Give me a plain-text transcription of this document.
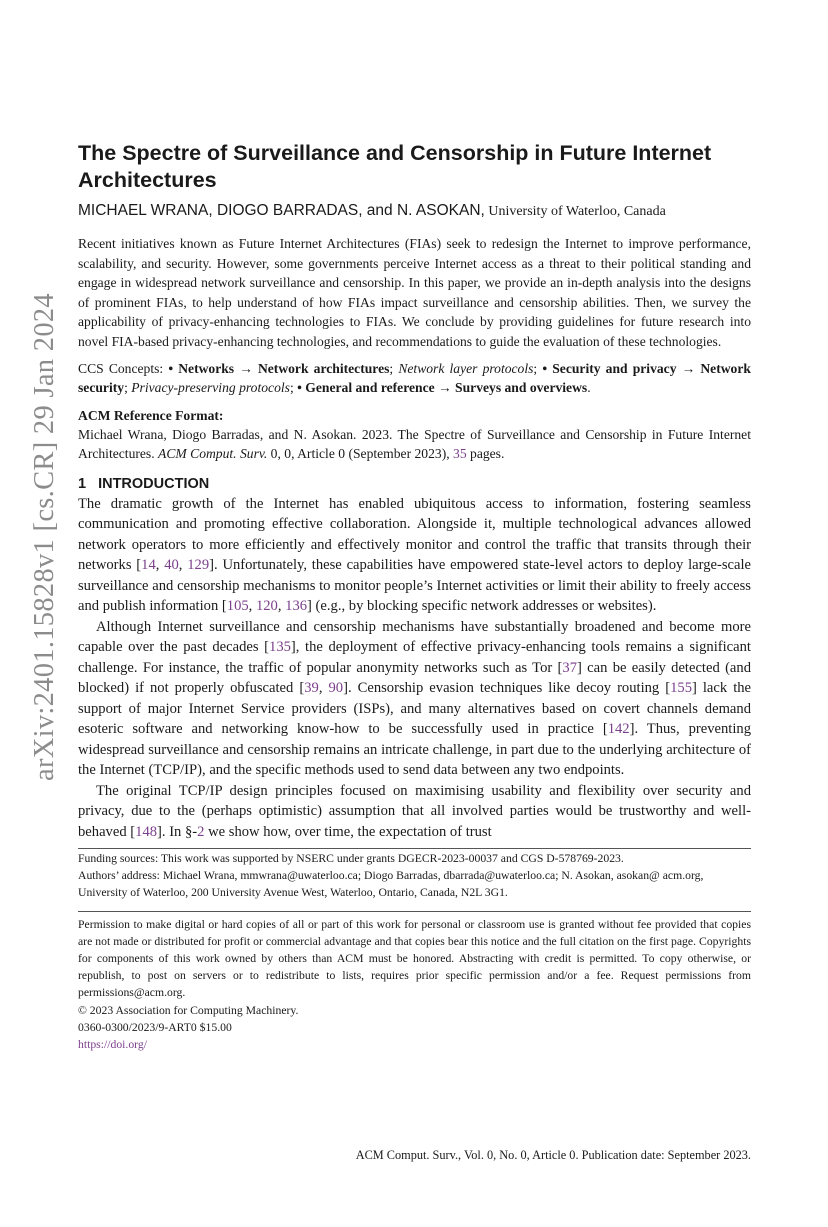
arXiv:2401.15828v1 [cs.CR] 29 Jan 2024
The Spectre of Surveillance and Censorship in Future Internet Architectures
MICHAEL WRANA, DIOGO BARRADAS, and N. ASOKAN, University of Waterloo, Canada
Recent initiatives known as Future Internet Architectures (FIAs) seek to redesign the Internet to improve performance, scalability, and security. However, some governments perceive Internet access as a threat to their political standing and engage in widespread network surveillance and censorship. In this paper, we provide an in-depth analysis into the designs of prominent FIAs, to help understand of how FIAs impact surveillance and censorship abilities. Then, we survey the applicability of privacy-enhancing technologies to FIAs. We conclude by providing guidelines for future research into novel FIA-based privacy-enhancing technologies, and recommendations to guide the evaluation of these technologies.
CCS Concepts: • Networks → Network architectures; Network layer protocols; • Security and privacy → Network security; Privacy-preserving protocols; • General and reference → Surveys and overviews.
ACM Reference Format:
Michael Wrana, Diogo Barradas, and N. Asokan. 2023. The Spectre of Surveillance and Censorship in Future Internet Architectures. ACM Comput. Surv. 0, 0, Article 0 (September 2023), 35 pages.
1 INTRODUCTION

The dramatic growth of the Internet has enabled ubiquitous access to information, fostering seamless communication and promoting effective collaboration. Alongside it, multiple technological advances allowed network operators to more efficiently and effectively monitor and control the traffic that transits through their networks [14, 40, 129]. Unfortunately, these capabilities have empowered state-level actors to deploy large-scale surveillance and censorship mechanisms to monitor people’s Internet activities or limit their ability to freely access and publish information [105, 120, 136] (e.g., by blocking specific network addresses or websites).

Although Internet surveillance and censorship mechanisms have substantially broadened and become more capable over the past decades [135], the deployment of effective privacy-enhancing tools remains a significant challenge. For instance, the traffic of popular anonymity networks such as Tor [37] can be easily detected (and blocked) if not properly obfuscated [39, 90]. Censorship evasion techniques like decoy routing [155] lack the support of major Internet Service providers (ISPs), and many alternatives based on covert channels demand esoteric software and networking know-how to be successfully used in practice [142]. Thus, preventing widespread surveillance and censorship remains an intricate challenge, in part due to the underlying architecture of the Internet (TCP/IP), and the specific methods used to send data between any two endpoints.

The original TCP/IP design principles focused on maximising usability and flexibility over security and privacy, due to the (perhaps optimistic) assumption that all involved parties would be trustworthy and well-behaved [148]. In §-2 we show how, over time, the expectation of trust

Funding sources: This work was supported by NSERC under grants DGECR-2023-00037 and CGS D-578769-2023.
Authors’ address: Michael Wrana, mmwrana@uwaterloo.ca; Diogo Barradas, dbarrada@uwaterloo.ca; N. Asokan, asokan@ acm.org, University of Waterloo, 200 University Avenue West, Waterloo, Ontario, Canada, N2L 3G1.
Permission to make digital or hard copies of all or part of this work for personal or classroom use is granted without fee provided that copies are not made or distributed for profit or commercial advantage and that copies bear this notice and the full citation on the first page. Copyrights for components of this work owned by others than ACM must be honored. Abstracting with credit is permitted. To copy otherwise, or republish, to post on servers or to redistribute to lists, requires prior specific permission and/or a fee. Request permissions from permissions@acm.org.
© 2023 Association for Computing Machinery.
0360-0300/2023/9-ART0 $15.00
https://doi.org/
ACM Comput. Surv., Vol. 0, No. 0, Article 0. Publication date: September 2023.
